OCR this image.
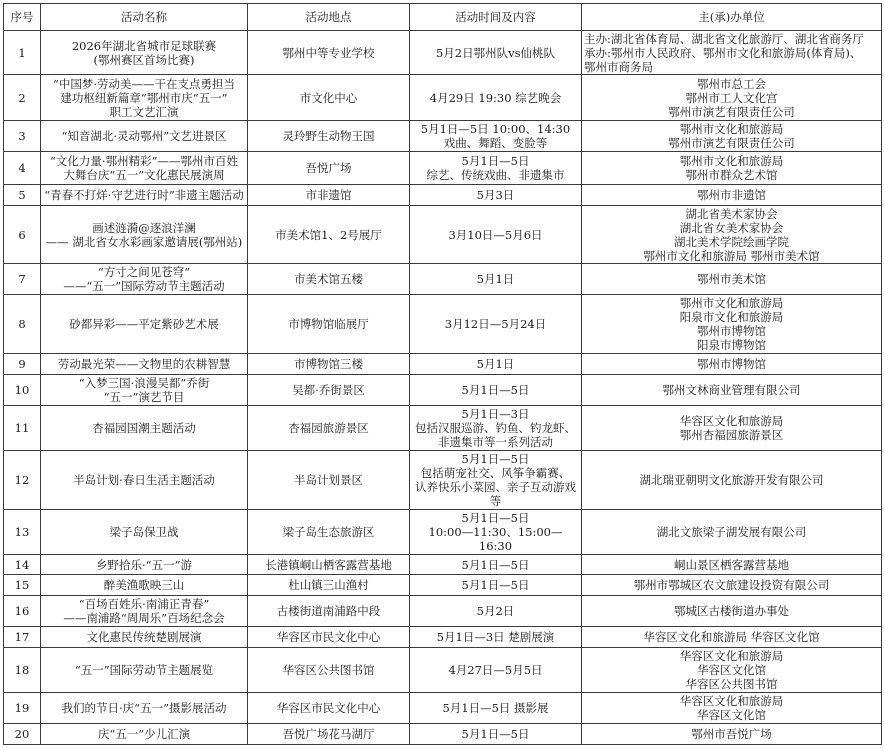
序号	活动名称	活动地点	活动时间及内容	主(承)办单位
1	2026年湖北省城市足球联赛
(鄂州赛区首场比赛)	鄂州中等专业学校	5月2日鄂州队vs仙桃队	主办:湖北省体育局、湖北省文化旅游厅、湖北省商务厅
承办:鄂州市人民政府、鄂州市文化和旅游局(体育局)、
鄂州市商务局
2	“中国梦·劳动美——干在支点勇担当
建功枢纽新篇章”鄂州市庆“五一”
职工文艺汇演	市文化中心	4月29日 19:30 综艺晚会	鄂州市总工会
鄂州市工人文化宫
鄂州市演艺有限责任公司
3	“知音湖北·灵动鄂州”文艺进景区	灵玲野生动物王国	5月1日—5日 10:00、14:30
戏曲、舞蹈、变脸等	鄂州市文化和旅游局
鄂州市演艺有限责任公司
4	“文化力量·鄂州精彩”——鄂州市百姓
大舞台庆“五一”文化惠民展演周	吾悦广场	5月1日—5日
综艺、传统戏曲、非遗集市	鄂州市文化和旅游局
鄂州市群众艺术馆
5	“青春不打烊·守艺进行时”非遗主题活动	市非遗馆	5月3日	鄂州市非遗馆
6	画述涟漪@逐浪洋澜
—— 湖北省女水彩画家邀请展(鄂州站)	市美术馆1、2号展厅	3月10日—5月6日	湖北省美术家协会
湖北省女美术家协会
湖北美术学院绘画学院
鄂州市文化和旅游局 鄂州市美术馆
7	“方寸之间见苍穹”
——“五一”国际劳动节主题活动	市美术馆五楼	5月1日	鄂州市美术馆
8	砂都异彩——平定紫砂艺术展	市博物馆临展厅	3月12日—5月24日	鄂州市文化和旅游局
阳泉市文化和旅游局
鄂州市博物馆
阳泉市博物馆
9	劳动最光荣——文物里的农耕智慧	市博物馆三楼	5月1日	鄂州市博物馆
10	“入梦三国·浪漫吴都”乔街
“五一”演艺节目	吴都·乔街景区	5月1日—5日	鄂州文林商业管理有限公司
11	杏福园国潮主题活动	杏福园旅游景区	5月1日—3日
包括汉服巡游、钓鱼、钓龙虾、
非遗集市等一系列活动	华容区文化和旅游局
鄂州杏福园旅游景区
12	半岛计划·春日生活主题活动	半岛计划景区	5月1日—5日
包括萌宠社交、风筝争霸赛、
认养快乐小菜园、亲子互动游戏等	湖北瑞亚朝明文化旅游开发有限公司
13	梁子岛保卫战	梁子岛生态旅游区	5月1日—5日
10:00—11:30、15:00—16:30	湖北文旅梁子湖发展有限公司
14	乡野拾乐·“五一”游	长港镇峒山栖客露营基地	5月1日—5日	峒山景区栖客露营基地
15	醉美渔歌映三山	杜山镇三山渔村	5月1日—5日	鄂州市鄂城区农文旅建设投资有限公司
16	“百场百姓乐·南浦正青春”
——南浦路“周周乐”百场纪念会	古楼街道南浦路中段	5月2日	鄂城区古楼街道办事处
17	文化惠民传统楚剧展演	华容区市民文化中心	5月1日—3日 楚剧展演	华容区文化和旅游局 华容区文化馆
18	“五一”国际劳动节主题展览	华容区公共图书馆	4月27日—5月5日	华容区文化和旅游局
华容区文化馆
华容区公共图书馆
19	我们的节日·庆“五一”摄影展活动	华容区市民文化中心	5月1日—5日 摄影展	华容区文化和旅游局
华容区文化馆
20	庆“五一”少儿汇演	吾悦广场花马湖厅	5月1日—5日	鄂州市吾悦广场
